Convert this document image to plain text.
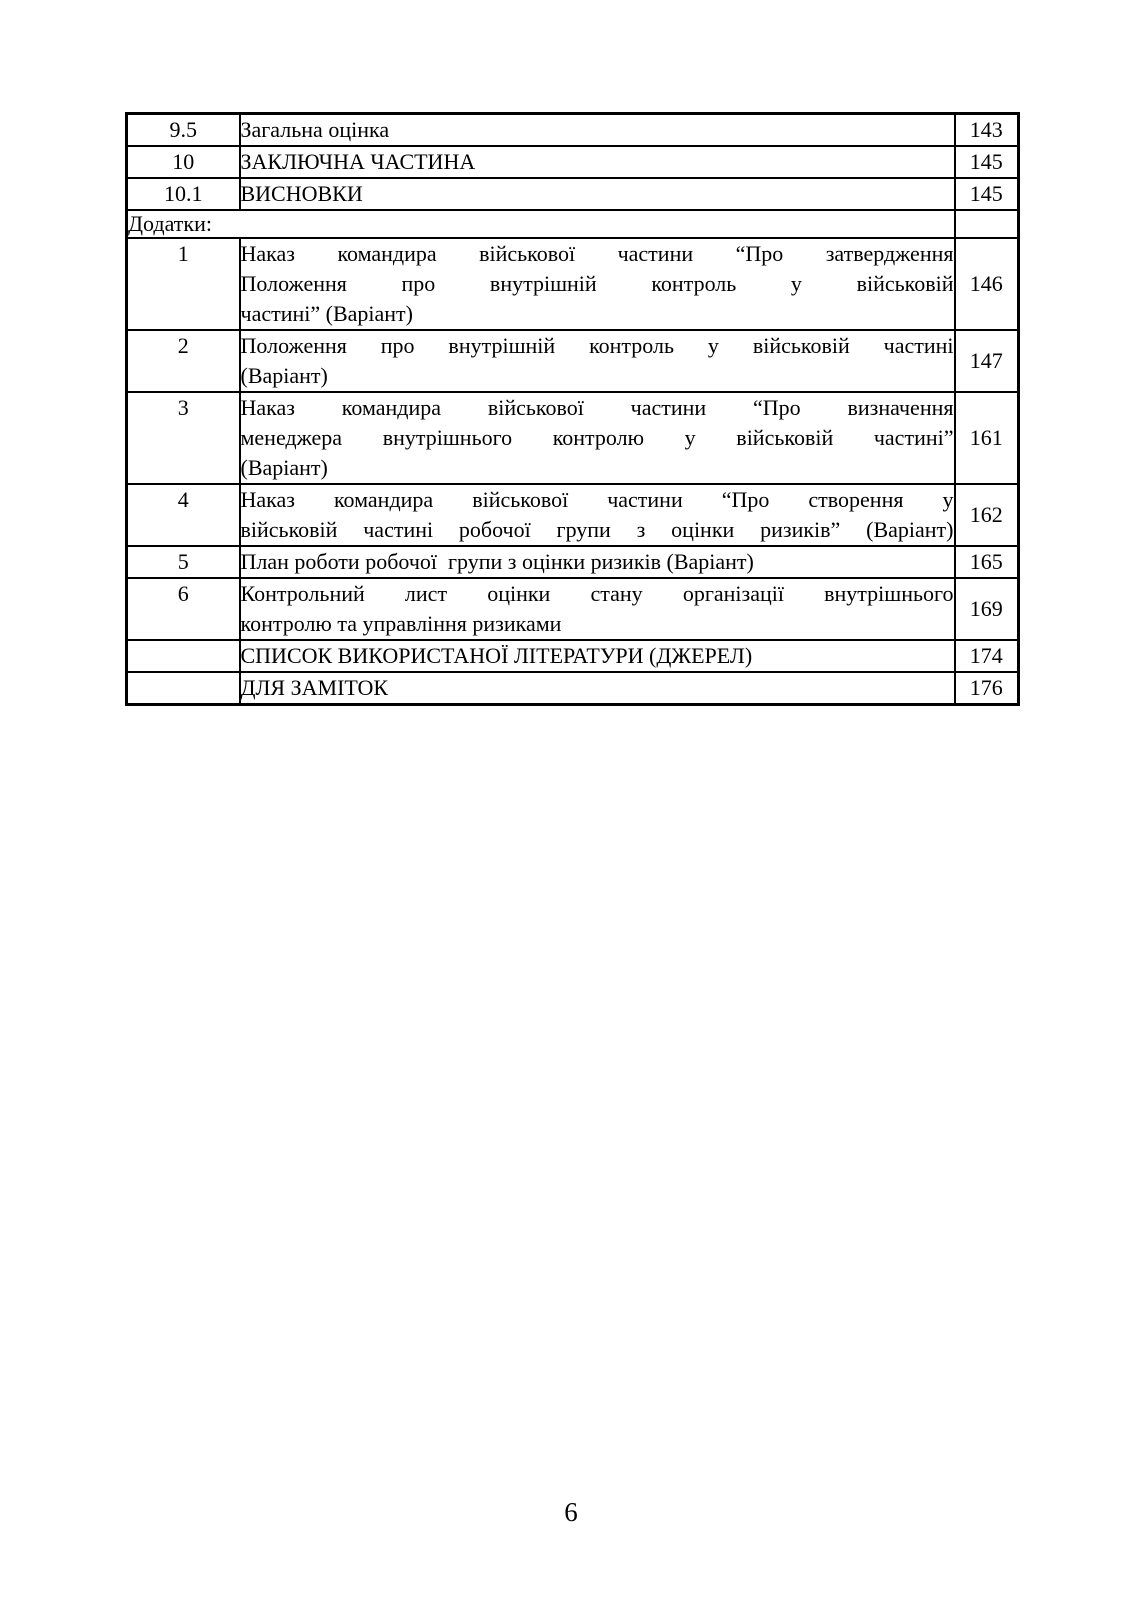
9.5	Загальна оцінка	143
10	ЗАКЛЮЧНА ЧАСТИНА	145
10.1	ВИСНОВКИ	145
Додатки:		
1	Наказ командира військової частини “Про затвердження
Положення про внутрішній контроль у військовій
частині” (Варіант)	146
2	Положення про внутрішній контроль у військовій частині
(Варіант)	147
3	Наказ командира військової частини “Про визначення
менеджера внутрішнього контролю у військовій частині”
(Варіант)	161
4	Наказ командира військової частини “Про створення у
військовій частині робочої групи з оцінки ризиків” (Варіант)	162
5	План роботи робочої  групи з оцінки ризиків (Варіант)	165
6	Контрольний лист оцінки стану організації внутрішнього
контролю та управління ризиками	169

	СПИСОК ВИКОРИСТАНОЇ ЛІТЕРАТУРИ (ДЖЕРЕЛ)	174

	ДЛЯ ЗАМІТОК	176
6
